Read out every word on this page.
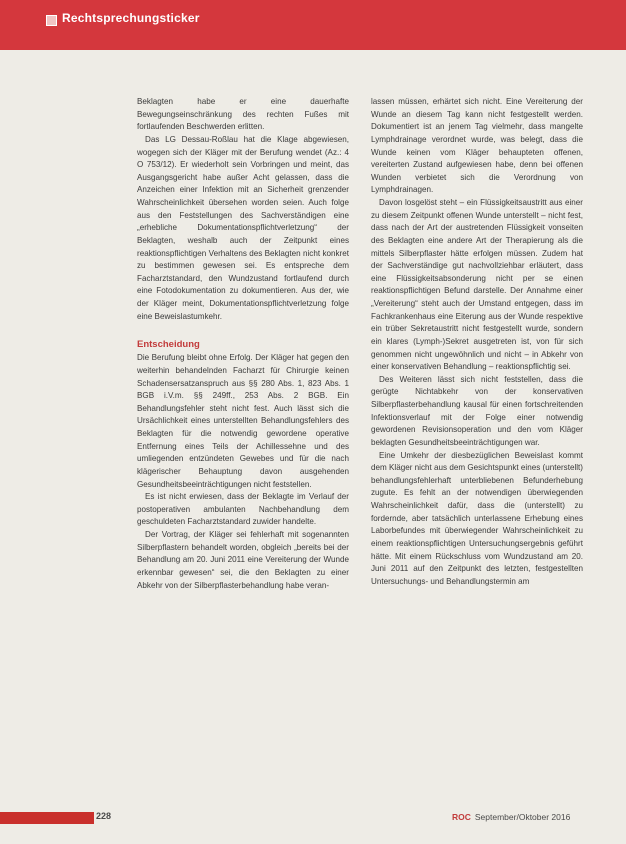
Rechtsprechungsticker

Beklagten habe er eine dauerhafte Bewegungseinschränkung des rechten Fußes mit fortlaufenden Beschwerden erlitten.

Das LG Dessau-Roßlau hat die Klage abgewiesen, wogegen sich der Kläger mit der Berufung wendet (Az.: 4 O 753/12). Er wiederholt sein Vorbringen und meint, das Ausgangsgericht habe außer Acht gelassen, dass die Anzeichen einer Infektion mit an Sicherheit grenzender Wahrscheinlichkeit übersehen worden seien. Auch folge aus den Feststellungen des Sachverständigen eine „erhebliche Dokumentationspflichtverletzung“ der Beklagten, weshalb auch der Zeitpunkt eines reaktionspflichtigen Verhaltens des Beklagten nicht konkret zu bestimmen gewesen sei. Es entspreche dem Facharztstandard, den Wundzustand fortlaufend durch eine Fotodokumentation zu dokumentieren. Aus der, wie der Kläger meint, Dokumentationspflichtverletzung folge eine Beweislastumkehr.

Entscheidung

Die Berufung bleibt ohne Erfolg. Der Kläger hat gegen den weiterhin behandelnden Facharzt für Chirurgie keinen Schadensersatzanspruch aus §§ 280 Abs. 1, 823 Abs. 1 BGB i.V.m. §§ 249ff., 253 Abs. 2 BGB. Ein Behandlungsfehler steht nicht fest. Auch lässt sich die Ursächlichkeit eines unterstellten Behandlungsfehlers des Beklagten für die notwendig gewordene operative Entfernung eines Teils der Achillessehne und des umliegenden entzündeten Gewebes und für die nach klägerischer Behauptung davon ausgehenden Gesundheitsbeeinträchtigungen nicht feststellen.

Es ist nicht erwiesen, dass der Beklagte im Verlauf der postoperativen ambulanten Nachbehandlung dem geschuldeten Facharztstandard zuwider handelte.

Der Vortrag, der Kläger sei fehlerhaft mit sogenannten Silberpflastern behandelt worden, obgleich „bereits bei der Behandlung am 20. Juni 2011 eine Vereiterung der Wunde erkennbar gewesen“ sei, die den Beklagten zu einer Abkehr von der Silberpflasterbehandlung habe veran-

lassen müssen, erhärtet sich nicht. Eine Vereiterung der Wunde an diesem Tag kann nicht festgestellt werden. Dokumentiert ist an jenem Tag vielmehr, dass mangelte Lymphdrainage verordnet wurde, was belegt, dass die Wunde keinen vom Kläger behaupteten offenen, vereiterten Zustand aufgewiesen habe, denn bei offenen Wunden verbietet sich die Verordnung von Lymphdrainagen.

Davon losgelöst steht – ein Flüssigkeitsaustritt aus einer zu diesem Zeitpunkt offenen Wunde unterstellt – nicht fest, dass nach der Art der austretenden Flüssigkeit vonseiten des Beklagten eine andere Art der Therapierung als die mittels Silberpflaster hätte erfolgen müssen. Zudem hat der Sachverständige gut nachvollziehbar erläutert, dass eine Flüssigkeitsabsonderung nicht per se einen reaktionspflichtigen Befund darstelle. Der Annahme einer „Vereiterung“ steht auch der Umstand entgegen, dass im Fachkrankenhaus eine Eiterung aus der Wunde respektive ein trüber Sekretaustritt nicht festgestellt wurde, sondern ein klares (Lymph-)Sekret ausgetreten ist, von für sich genommen nicht ungewöhnlich und nicht – in Abkehr von einer konservativen Behandlung – reaktionspflichtig sei.

Des Weiteren lässt sich nicht feststellen, dass die gerügte Nichtabkehr von der konservativen Silberpflasterbehandlung kausal für einen fortschreitenden Infektionsverlauf mit der Folge einer notwendig gewordenen Revisionsoperation und den vom Kläger beklagten Gesundheitsbeeinträchtigungen war.

Eine Umkehr der diesbezüglichen Beweislast kommt dem Kläger nicht aus dem Gesichtspunkt eines (unterstellt) behandlungsfehlerhaft unterbliebenen Befunderhebung zugute. Es fehlt an der notwendigen überwiegenden Wahrscheinlichkeit dafür, dass die (unterstellt) zu fordernde, aber tatsächlich unterlassene Erhebung eines Laborbefundes mit überwiegender Wahrscheinlichkeit zu einem reaktionspflichtigen Untersuchungsergebnis geführt hätte. Mit einem Rückschluss vom Wundzustand am 20. Juni 2011 auf den Zeitpunkt des letzten, festgestellten Untersuchungs- und Behandlungstermin am

228	ROC September/Oktober 2016
